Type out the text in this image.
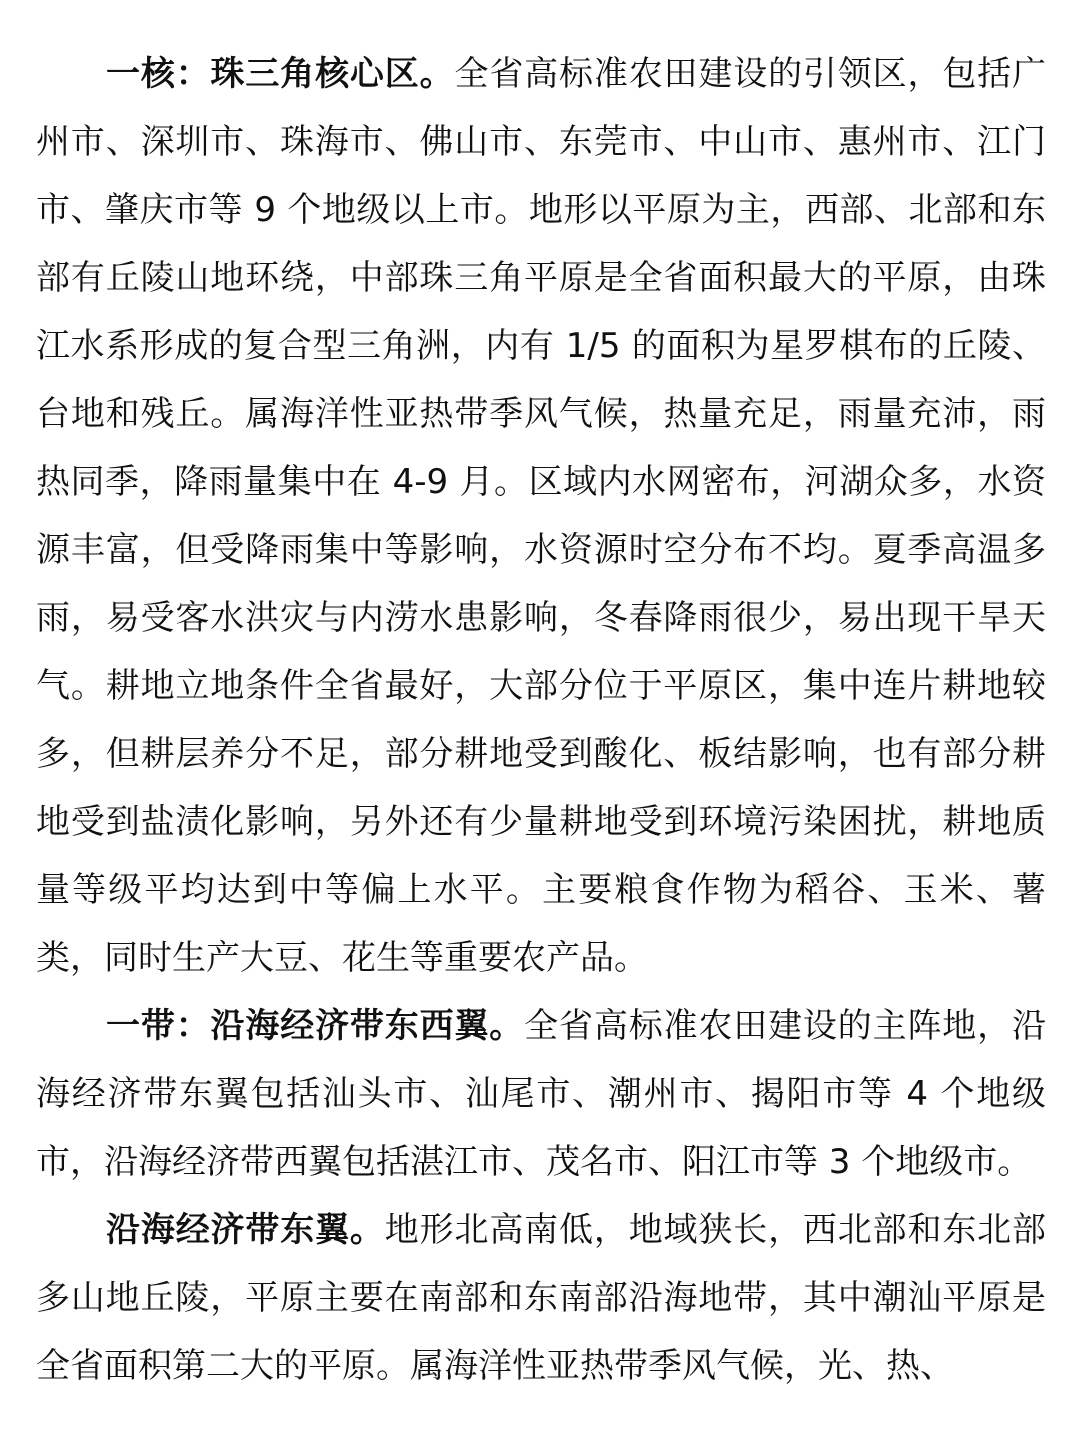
一核：珠三角核心区。全省高标准农田建设的引领区，包括广州市、深圳市、珠海市、佛山市、东莞市、中山市、惠州市、江门市、肇庆市等 9 个地级以上市。地形以平原为主，西部、北部和东部有丘陵山地环绕，中部珠三角平原是全省面积最大的平原，由珠江水系形成的复合型三角洲，内有 1/5 的面积为星罗棋布的丘陵、台地和残丘。属海洋性亚热带季风气候，热量充足，雨量充沛，雨热同季，降雨量集中在 4-9 月。区域内水网密布，河湖众多，水资源丰富，但受降雨集中等影响，水资源时空分布不均。夏季高温多雨，易受客水洪灾与内涝水患影响，冬春降雨很少，易出现干旱天气。耕地立地条件全省最好，大部分位于平原区，集中连片耕地较多，但耕层养分不足，部分耕地受到酸化、板结影响，也有部分耕地受到盐渍化影响，另外还有少量耕地受到环境污染困扰，耕地质量等级平均达到中等偏上水平。主要粮食作物为稻谷、玉米、薯类，同时生产大豆、花生等重要农产品。

一带：沿海经济带东西翼。全省高标准农田建设的主阵地，沿海经济带东翼包括汕头市、汕尾市、潮州市、揭阳市等 4 个地级市，沿海经济带西翼包括湛江市、茂名市、阳江市等 3 个地级市。

沿海经济带东翼。地形北高南低，地域狭长，西北部和东北部多山地丘陵，平原主要在南部和东南部沿海地带，其中潮汕平原是全省面积第二大的平原。属海洋性亚热带季风气候，光、热、
